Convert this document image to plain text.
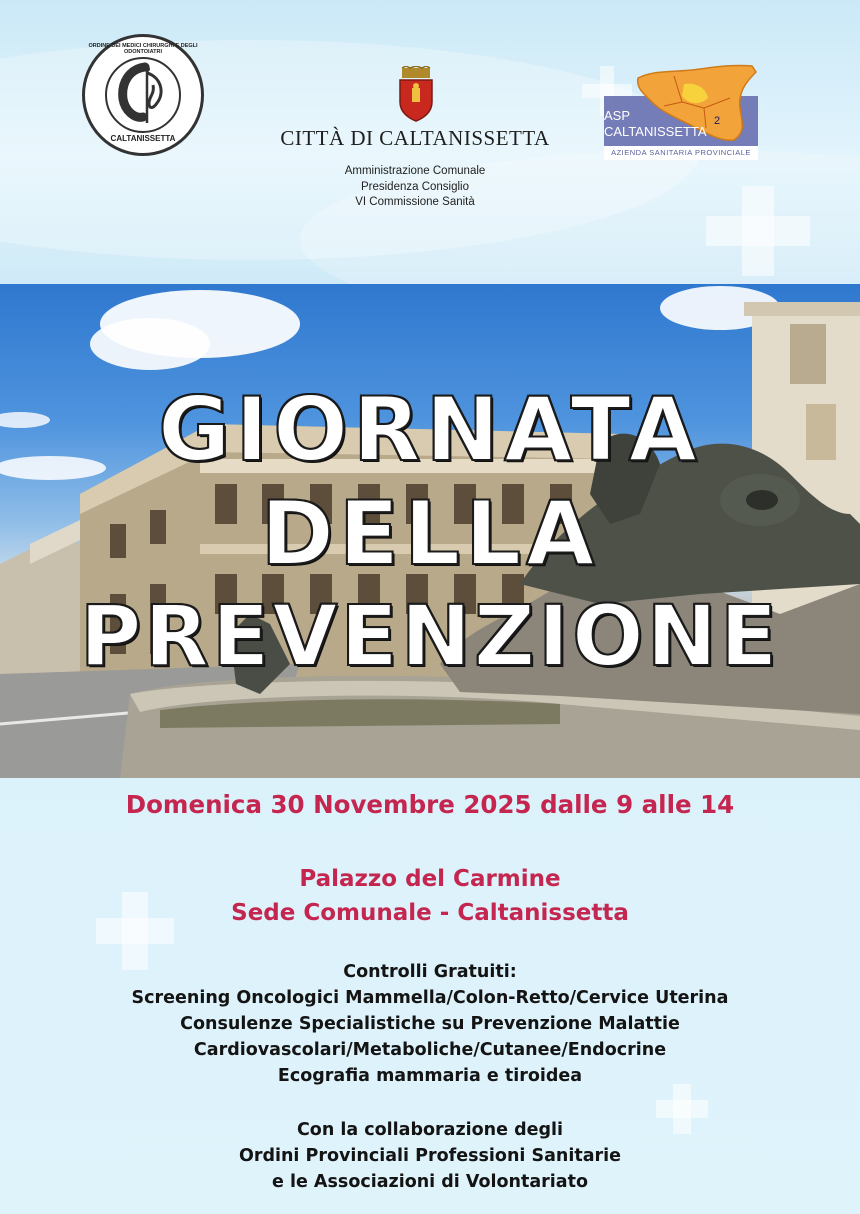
ORDINE DEI MEDICI CHIRURGHI E DEGLI ODONTOIATRI
CALTANISSETTA	CITTÀ DI CALTANISSETTA
Amministrazione Comunale
Presidenza Consiglio
VI Commissione Sanità
2
ASP
CALTANISSETTA
AZIENDA SANITARIA PROVINCIALE
GIORNATA
DELLA
PREVENZIONE
Domenica 30 Novembre 2025 dalle 9 alle 14
Palazzo del Carmine
Sede Comunale - Caltanissetta
Controlli Gratuiti:
Screening Oncologici Mammella/Colon-Retto/Cervice Uterina
Consulenze Specialistiche su Prevenzione Malattie
Cardiovascolari/Metaboliche/Cutanee/Endocrine
Ecografia mammaria e tiroidea
Con la collaborazione degli
Ordini Provinciali Professioni Sanitarie
e le Associazioni di Volontariato
